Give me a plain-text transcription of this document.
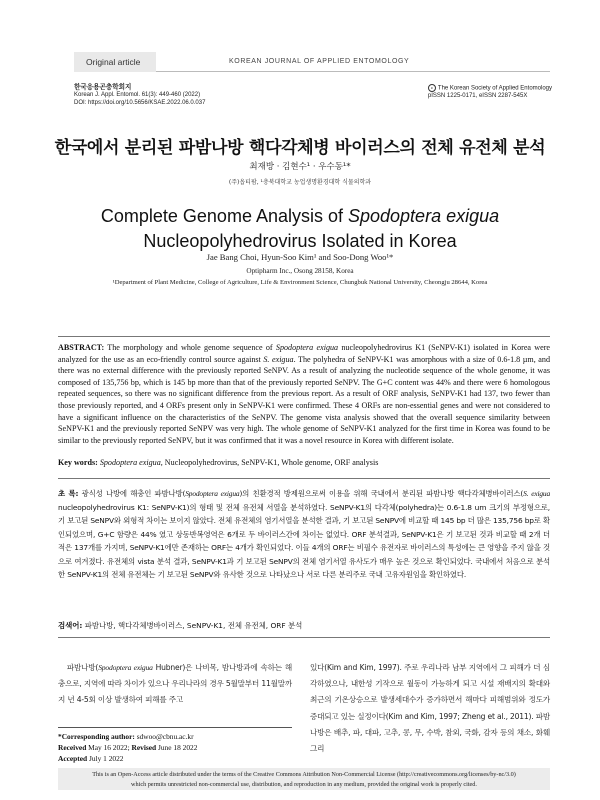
Original article	KOREAN JOURNAL OF APPLIED ENTOMOLOGY
한국응용곤충학회지
Korean J. Appl. Entomol. 61(3): 449-460 (2022)
DOI: https://doi.org/10.5656/KSAE.2022.06.0.037
c The Korean Society of Applied Entomology
pISSN 1225-0171, eISSN 2287-545X
한국에서 분리된 파밤나방 핵다각체병 바이러스의 전체 유전체 분석
최재방 · 김현수¹ · 우수동¹*
(주)옵티팜, ¹충북대학교 농업생명환경대학 식물의학과
Complete Genome Analysis of Spodoptera exigua
Nucleopolyhedrovirus Isolated in Korea
Jae Bang Choi, Hyun-Soo Kim¹ and Soo-Dong Woo¹*
Optipharm Inc., Osong 28158, Korea
¹Department of Plant Medicine, College of Agriculture, Life & Environment Science, Chungbuk National University, Cheongju 28644, Korea
ABSTRACT: The morphology and whole genome sequence of Spodoptera exigua nucleopolyhedrovirus K1 (SeNPV-K1) isolated in Korea were analyzed for the use as an eco-friendly control source against S. exigua. The polyhedra of SeNPV-K1 was amorphous with a size of 0.6-1.8 µm, and there was no external difference with the previously reported SeNPV. As a result of analyzing the nucleotide sequence of the whole genome, it was composed of 135,756 bp, which is 145 bp more than that of the previously reported SeNPV. The G+C content was 44% and there were 6 homologous repeated sequences, so there was no significant difference from the previous report. As a result of ORF analysis, SeNPV-K1 had 137, two fewer than those previously reported, and 4 ORFs present only in SeNPV-K1 were confirmed. These 4 ORFs are non-essential genes and were not considered to have a significant influence on the characteristics of the SeNPV. The genome vista analysis showed that the overall sequence similarity between SeNPV-K1 and the previously reported SeNPV was very high. The whole genome of SeNPV-K1 analyzed for the first time in Korea was found to be similar to the previously reported SeNPV, but it was confirmed that it was a novel resource in Korea with different isolate.
Key words: Spodoptera exigua, Nucleopolyhedrovirus, SeNPV-K1, Whole genome, ORF analysis
초 록: 광식성 나방에 해충인 파밤나방(Spodoptera exigua)의 친환경적 방제원으로써 이용을 위해 국내에서 분리된 파밤나방 핵다각체병바이러스(S. exigua nucleopolyhedrovirus K1: SeNPV-K1)의 형태 및 전체 유전체 서열을 분석하였다. SeNPV-K1의 다각체(polyhedra)는 0.6-1.8 um 크기의 부정형으로, 기 보고된 SeNPV와 외형적 차이는 보이지 않았다. 전체 유전체의 염기서열을 분석한 결과, 기 보고된 SeNPV에 비교할 때 145 bp 더 많은 135,756 bp로 확인되었으며, G+C 함량은 44% 였고 상동반복영역은 6개로 두 바이러스간에 차이는 없었다. ORF 분석결과, SeNPV-K1은 기 보고된 것과 비교할 때 2개 더 적은 137개를 가지며, SeNPV-K1에만 존재하는 ORF는 4개가 확인되었다. 이들 4개의 ORF는 비필수 유전자로 바이러스의 특성에는 큰 영향을 주지 않을 것으로 여겨졌다. 유전체의 vista 분석 결과, SeNPV-K1과 기 보고된 SeNPV의 전체 염기서열 유사도가 매우 높은 것으로 확인되었다. 국내에서 처음으로 분석한 SeNPV-K1의 전체 유전체는 기 보고된 SeNPV와 유사한 것으로 나타났으나 서로 다른 분리주로 국내 고유자원임을 확인하였다.
검색어: 파밤나방, 핵다각체병바이러스, SeNPV-K1, 전체 유전체, ORF 분석
파밤나방(Spodoptera exigua Hubner)은 나비목, 밤나방과에 속하는 해충으로, 지역에 따라 차이가 있으나 우리나라의 경우 5월말부터 11월말까지 년 4-5회 이상 발생하여 피해를 주고
있다(Kim and Kim, 1997). 주로 우리나라 남부 지역에서 그 피해가 더 심각하였으나, 내한성 기작으로 월동이 가능하게 되고 시설 재배지의 확대와 최근의 기온상승으로 발생세대수가 증가하면서 해마다 피해범위와 정도가 증대되고 있는 실정이다(Kim and Kim, 1997; Zheng et al., 2011). 파밤나방은 배추, 파, 대파, 고추, 콩, 무, 수박, 참외, 국화, 감자 등의 채소, 화훼 그리
*Corresponding author: sdwoo@cbnu.ac.kr
Received May 16 2022; Revised June 18 2022
Accepted July 1 2022
This is an Open-Access article distributed under the terms of the Creative Commons Attribution Non-Commercial License (http://creativecommons.org/licenses/by-nc/3.0)
which permits unrestricted non-commercial use, distribution, and reproduction in any medium, provided the original work is properly cited.
